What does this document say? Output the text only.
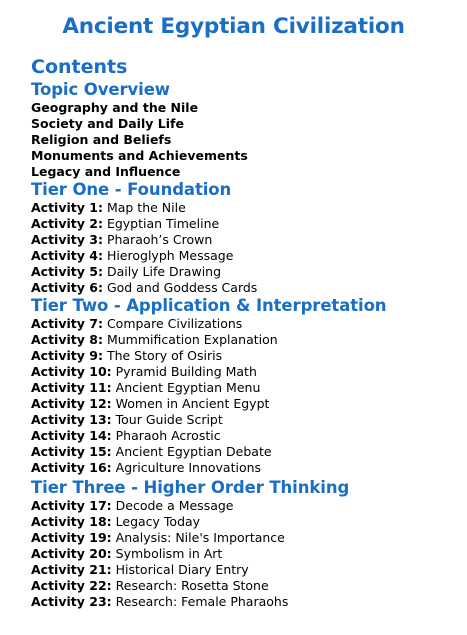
Ancient Egyptian Civilization
Contents
Topic Overview
Geography and the Nile
Society and Daily Life
Religion and Beliefs
Monuments and Achievements
Legacy and Influence
Tier One - Foundation
Activity 1: Map the Nile
Activity 2: Egyptian Timeline
Activity 3: Pharaoh’s Crown
Activity 4: Hieroglyph Message
Activity 5: Daily Life Drawing
Activity 6: God and Goddess Cards
Tier Two - Application & Interpretation
Activity 7: Compare Civilizations
Activity 8: Mummification Explanation
Activity 9: The Story of Osiris
Activity 10: Pyramid Building Math
Activity 11: Ancient Egyptian Menu
Activity 12: Women in Ancient Egypt
Activity 13: Tour Guide Script
Activity 14: Pharaoh Acrostic
Activity 15: Ancient Egyptian Debate
Activity 16: Agriculture Innovations
Tier Three - Higher Order Thinking
Activity 17: Decode a Message
Activity 18: Legacy Today
Activity 19: Analysis: Nile's Importance
Activity 20: Symbolism in Art
Activity 21: Historical Diary Entry
Activity 22: Research: Rosetta Stone
Activity 23: Research: Female Pharaohs
